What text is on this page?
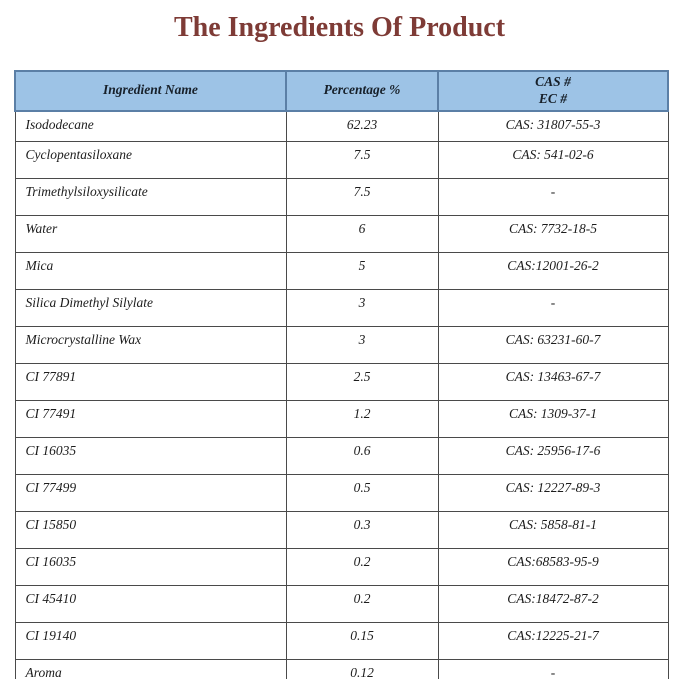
The Ingredients Of Product
Ingredient Name	Percentage %	CAS #
EC #

Isododecane	62.23	CAS: 31807-55-3
Cyclopentasiloxane	7.5	CAS: 541-02-6
Trimethylsiloxysilicate	7.5	-
Water	6	CAS: 7732-18-5
Mica	5	CAS:12001-26-2
Silica Dimethyl Silylate	3	-
Microcrystalline Wax	3	CAS: 63231-60-7
CI 77891	2.5	CAS: 13463-67-7
CI 77491	1.2	CAS: 1309-37-1
CI 16035	0.6	CAS: 25956-17-6
CI 77499	0.5	CAS: 12227-89-3
CI 15850	0.3	CAS: 5858-81-1
CI 16035	0.2	CAS:68583-95-9
CI 45410	0.2	CAS:18472-87-2
CI 19140	0.15	CAS:12225-21-7
Aroma	0.12	-
